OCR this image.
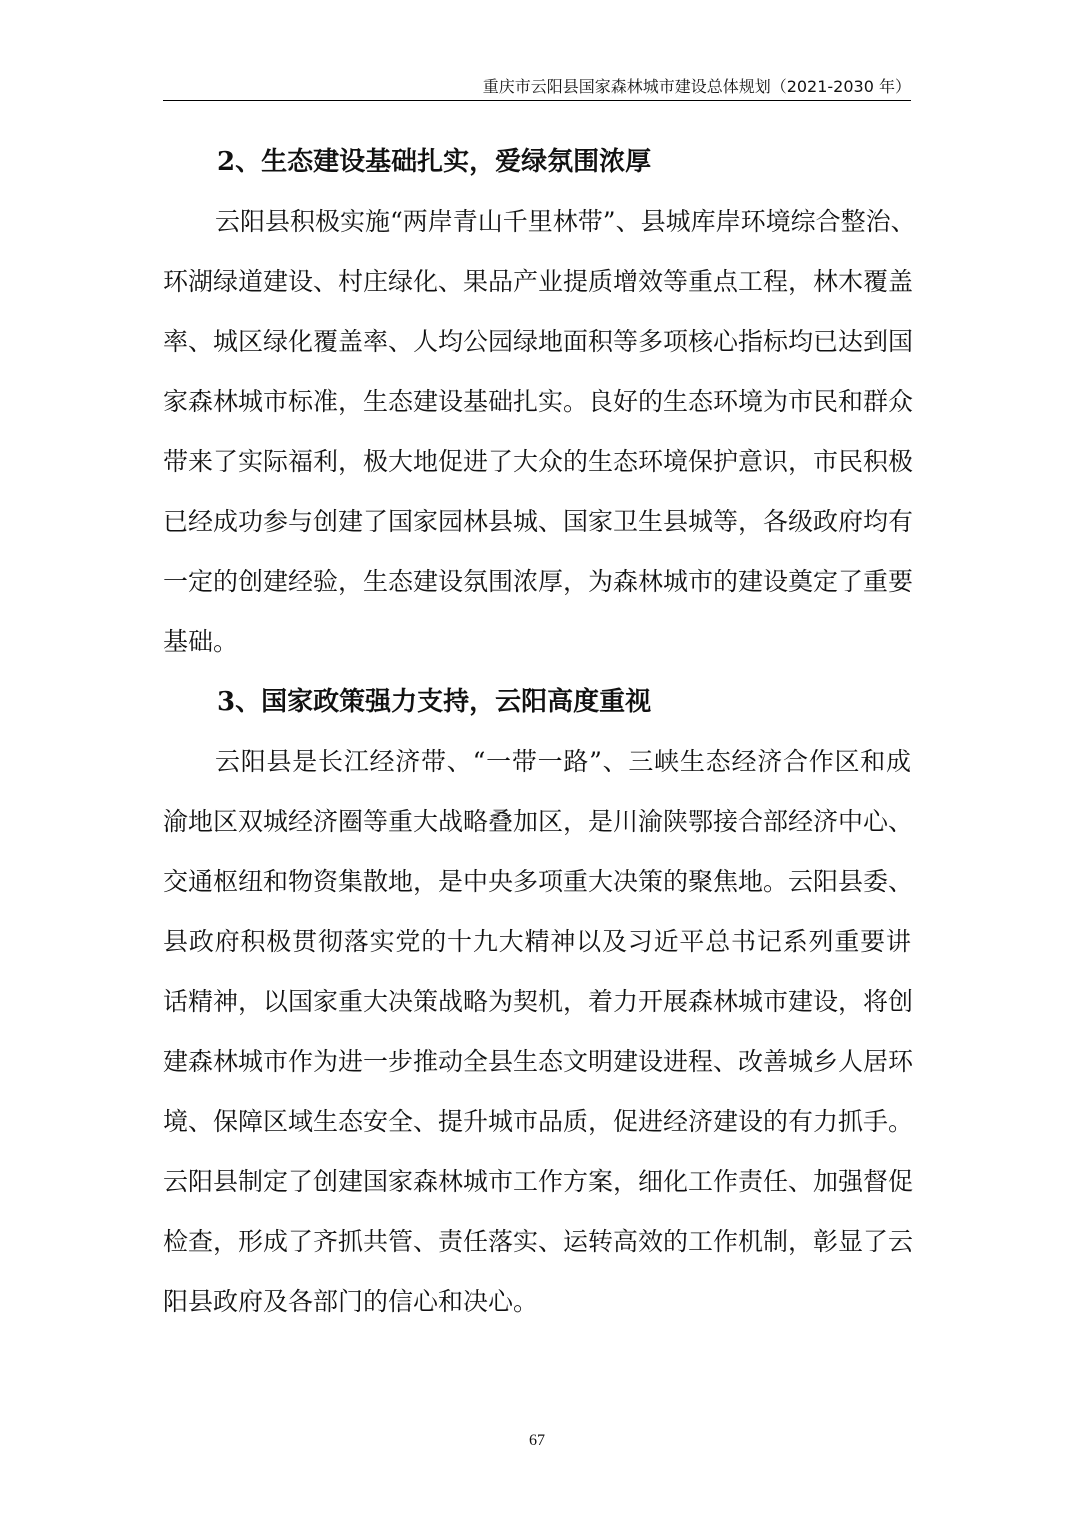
重庆市云阳县国家森林城市建设总体规划（2021-2030 年）
2、生态建设基础扎实，爱绿氛围浓厚
云阳县积极实施“两岸青山千里林带”、县城库岸环境综合整治、
环湖绿道建设、村庄绿化、果品产业提质增效等重点工程，林木覆盖
率、城区绿化覆盖率、人均公园绿地面积等多项核心指标均已达到国
家森林城市标准，生态建设基础扎实。良好的生态环境为市民和群众
带来了实际福利，极大地促进了大众的生态环境保护意识，市民积极
已经成功参与创建了国家园林县城、国家卫生县城等，各级政府均有
一定的创建经验，生态建设氛围浓厚，为森林城市的建设奠定了重要
基础。
3、国家政策强力支持，云阳高度重视
云阳县是长江经济带、“一带一路”、三峡生态经济合作区和成
渝地区双城经济圈等重大战略叠加区，是川渝陕鄂接合部经济中心、
交通枢纽和物资集散地，是中央多项重大决策的聚焦地。云阳县委、
县政府积极贯彻落实党的十九大精神以及习近平总书记系列重要讲
话精神，以国家重大决策战略为契机，着力开展森林城市建设，将创
建森林城市作为进一步推动全县生态文明建设进程、改善城乡人居环
境、保障区域生态安全、提升城市品质，促进经济建设的有力抓手。
云阳县制定了创建国家森林城市工作方案，细化工作责任、加强督促
检查，形成了齐抓共管、责任落实、运转高效的工作机制，彰显了云
阳县政府及各部门的信心和决心。
67
